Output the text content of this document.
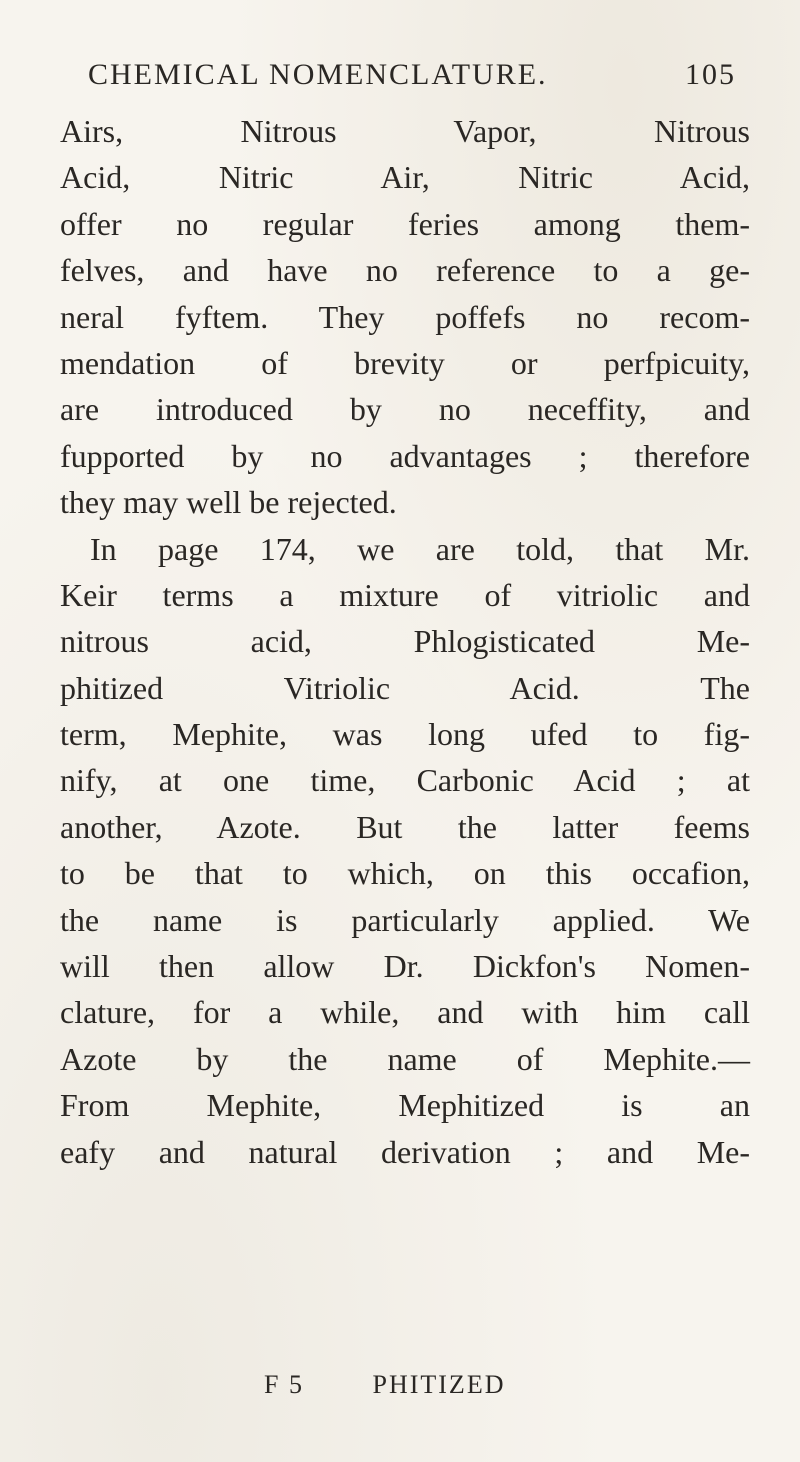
CHEMICAL NOMENCLATURE.	105
Airs, Nitrous Vapor, Nitrous
Acid, Nitric Air, Nitric Acid,
offer no regular feries among them-
felves, and have no reference to a ge-
neral fyftem. They poffefs no recom-
mendation of brevity or perfpicuity,
are introduced by no neceffity, and
fupported by no advantages ; therefore
they may well be rejected.
In page 174, we are told, that Mr.
Keir terms a mixture of vitriolic and
nitrous acid, Phlogisticated Me-
phitized Vitriolic Acid. The
term, Mephite, was long ufed to fig-
nify, at one time, Carbonic Acid ; at
another, Azote. But the latter feems
to be that to which, on this occafion,
the name is particularly applied. We
will then allow Dr. Dickfon's Nomen-
clature, for a while, and with him call
Azote by the name of Mephite.—
From Mephite, Mephitized is an
eafy and natural derivation ; and Me-
F 5	PHITIZED
